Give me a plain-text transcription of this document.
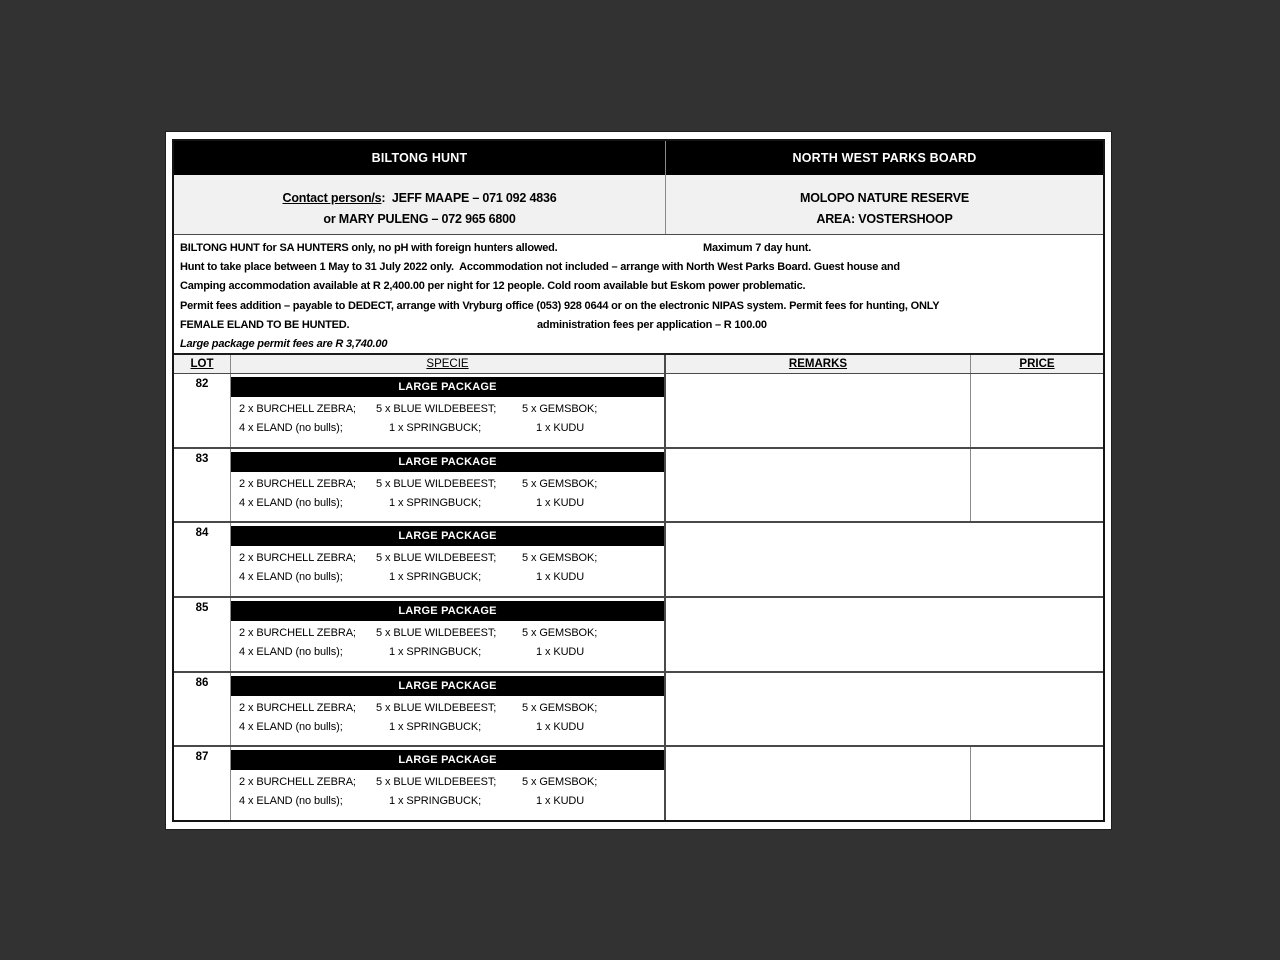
BILTONG HUNT	NORTH WEST PARKS BOARD
Contact person/s:  JEFF MAAPE – 071 092 4836
or MARY PULENG – 072 965 6800
MOLOPO NATURE RESERVE
AREA: VOSTERSHOOP
BILTONG HUNT for SA HUNTERS only, no pH with foreign hunters allowed.	Maximum 7 day hunt.
Hunt to take place between 1 May to 31 July 2022 only.  Accommodation not included – arrange with North West Parks Board. Guest house and
Camping accommodation available at R 2,400.00 per night for 12 people. Cold room available but Eskom power problematic.
Permit fees addition – payable to DEDECT, arrange with Vryburg office (053) 928 0644 or on the electronic NIPAS system. Permit fees for hunting, ONLY
FEMALE ELAND TO BE HUNTED.	administration fees per application – R 100.00
Large package permit fees are R 3,740.00
LOT	SPECIE	REMARKS	PRICE
82	LARGE PACKAGE
2 x BURCHELL ZEBRA;	5 x BLUE WILDEBEEST;	5 x GEMSBOK;
4 x ELAND (no bulls);	1 x SPRINGBUCK;	1 x KUDU
83	LARGE PACKAGE
2 x BURCHELL ZEBRA;	5 x BLUE WILDEBEEST;	5 x GEMSBOK;
4 x ELAND (no bulls);	1 x SPRINGBUCK;	1 x KUDU
84	LARGE PACKAGE
2 x BURCHELL ZEBRA;	5 x BLUE WILDEBEEST;	5 x GEMSBOK;
4 x ELAND (no bulls);	1 x SPRINGBUCK;	1 x KUDU
85	LARGE PACKAGE
2 x BURCHELL ZEBRA;	5 x BLUE WILDEBEEST;	5 x GEMSBOK;
4 x ELAND (no bulls);	1 x SPRINGBUCK;	1 x KUDU
86	LARGE PACKAGE
2 x BURCHELL ZEBRA;	5 x BLUE WILDEBEEST;	5 x GEMSBOK;
4 x ELAND (no bulls);	1 x SPRINGBUCK;	1 x KUDU
87	LARGE PACKAGE
2 x BURCHELL ZEBRA;	5 x BLUE WILDEBEEST;	5 x GEMSBOK;
4 x ELAND (no bulls);	1 x SPRINGBUCK;	1 x KUDU
